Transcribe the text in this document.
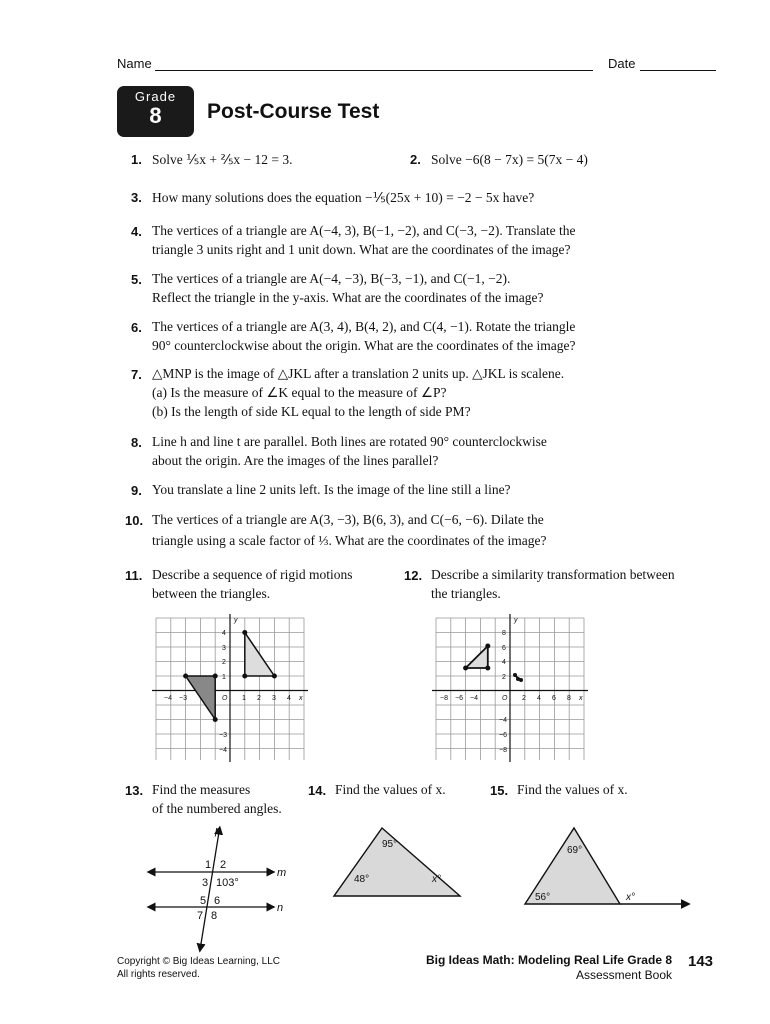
Name	Date
Grade
8	Post-Course Test
1. Solve ⅕x + ⅖x − 12 = 3.	2. Solve −6(8 − 7x) = 5(7x − 4)
3. How many solutions does the equation −⅕(25x + 10) = −2 − 5x have?
4. The vertices of a triangle are A(−4, 3), B(−1, −2), and C(−3, −2). Translate the
triangle 3 units right and 1 unit down. What are the coordinates of the image?
5. The vertices of a triangle are A(−4, −3), B(−3, −1), and C(−1, −2).
Reflect the triangle in the y-axis. What are the coordinates of the image?
6. The vertices of a triangle are A(3, 4), B(4, 2), and C(4, −1). Rotate the triangle
90° counterclockwise about the origin. What are the coordinates of the image?
7. △MNP is the image of △JKL after a translation 2 units up. △JKL is scalene.
(a) Is the measure of ∠K equal to the measure of ∠P?
(b) Is the length of side KL equal to the length of side PM?
8. Line h and line t are parallel. Both lines are rotated 90° counterclockwise
about the origin. Are the images of the lines parallel?
9. You translate a line 2 units left. Is the image of the line still a line?
10. The vertices of a triangle are A(3, −3), B(6, 3), and C(−6, −6). Dilate the
triangle using a scale factor of ⅓. What are the coordinates of the image?
11. Describe a sequence of rigid motions
between the triangles.
12. Describe a similarity transformation between
the triangles.
−4 −3	O 1 2 3 4 x
4
3
2
1
−3
−4
y
−8 −6 −4	O 2 4 6 8 x
8
6
4
2
−4
−6
−8
y
13. Find the measures
of the numbered angles.
14. Find the values of x.	15. Find the values of x.
p
m
n
1 2
3 103°
5 6
7 8
95°
48°	x°
69°
56°	x°
Copyright © Big Ideas Learning, LLC
All rights reserved.
Big Ideas Math: Modeling Real Life Grade 8
Assessment Book
143
